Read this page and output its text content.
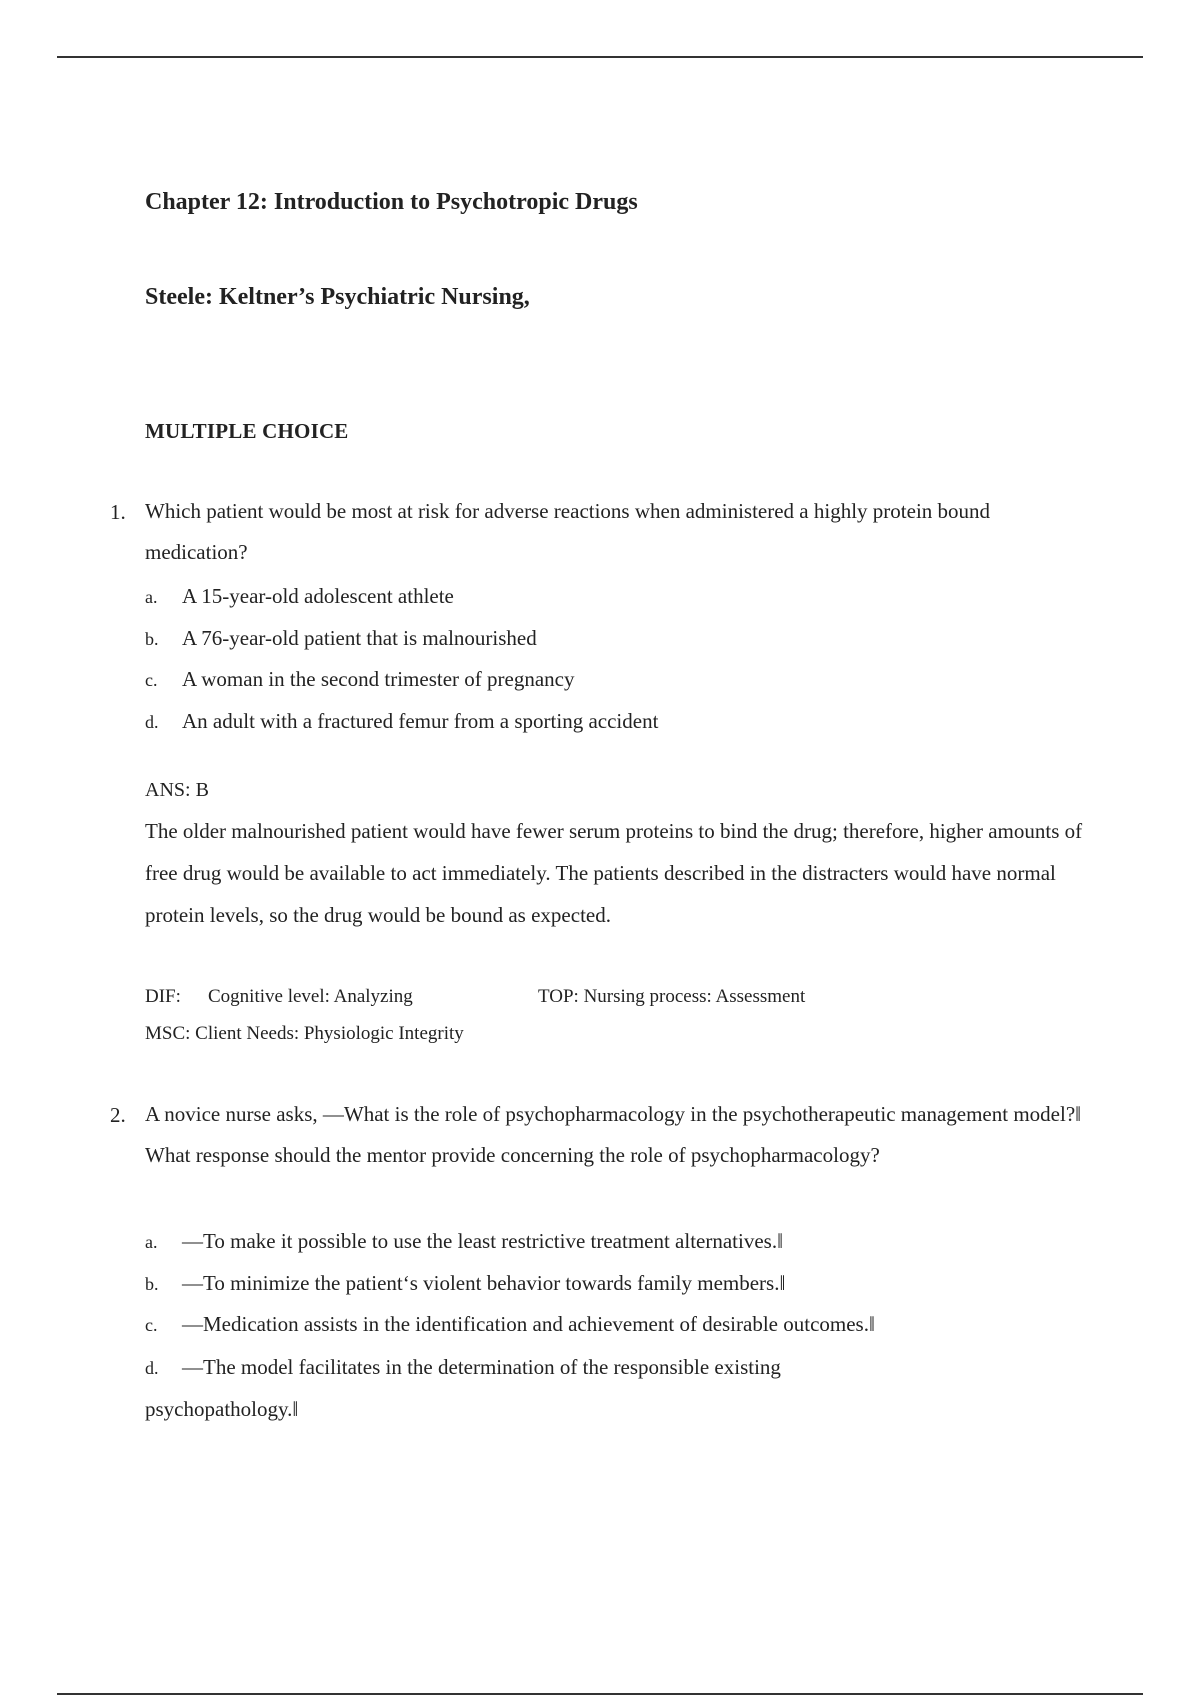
Chapter 12: Introduction to Psychotropic Drugs
Steele: Keltner’s Psychiatric Nursing,
MULTIPLE CHOICE
1. Which patient would be most at risk for adverse reactions when administered a highly protein bound medication?
a. A 15-year-old adolescent athlete
b. A 76-year-old patient that is malnourished
c. A woman in the second trimester of pregnancy
d. An adult with a fractured femur from a sporting accident
ANS: B
The older malnourished patient would have fewer serum proteins to bind the drug; therefore, higher amounts of free drug would be available to act immediately. The patients described in the distracters would have normal protein levels, so the drug would be bound as expected.
DIF: Cognitive level: Analyzing	TOP: Nursing process: Assessment
MSC: Client Needs: Physiologic Integrity
2. A novice nurse asks, ―What is the role of psychopharmacology in the psychotherapeutic management model?‖ What response should the mentor provide concerning the role of psychopharmacology?
a. ―To make it possible to use the least restrictive treatment alternatives.‖
b. ―To minimize the patient‘s violent behavior towards family members.‖
c. ―Medication assists in the identification and achievement of desirable outcomes.‖
d. ―The model facilitates in the determination of the responsible existing
psychopathology.‖
